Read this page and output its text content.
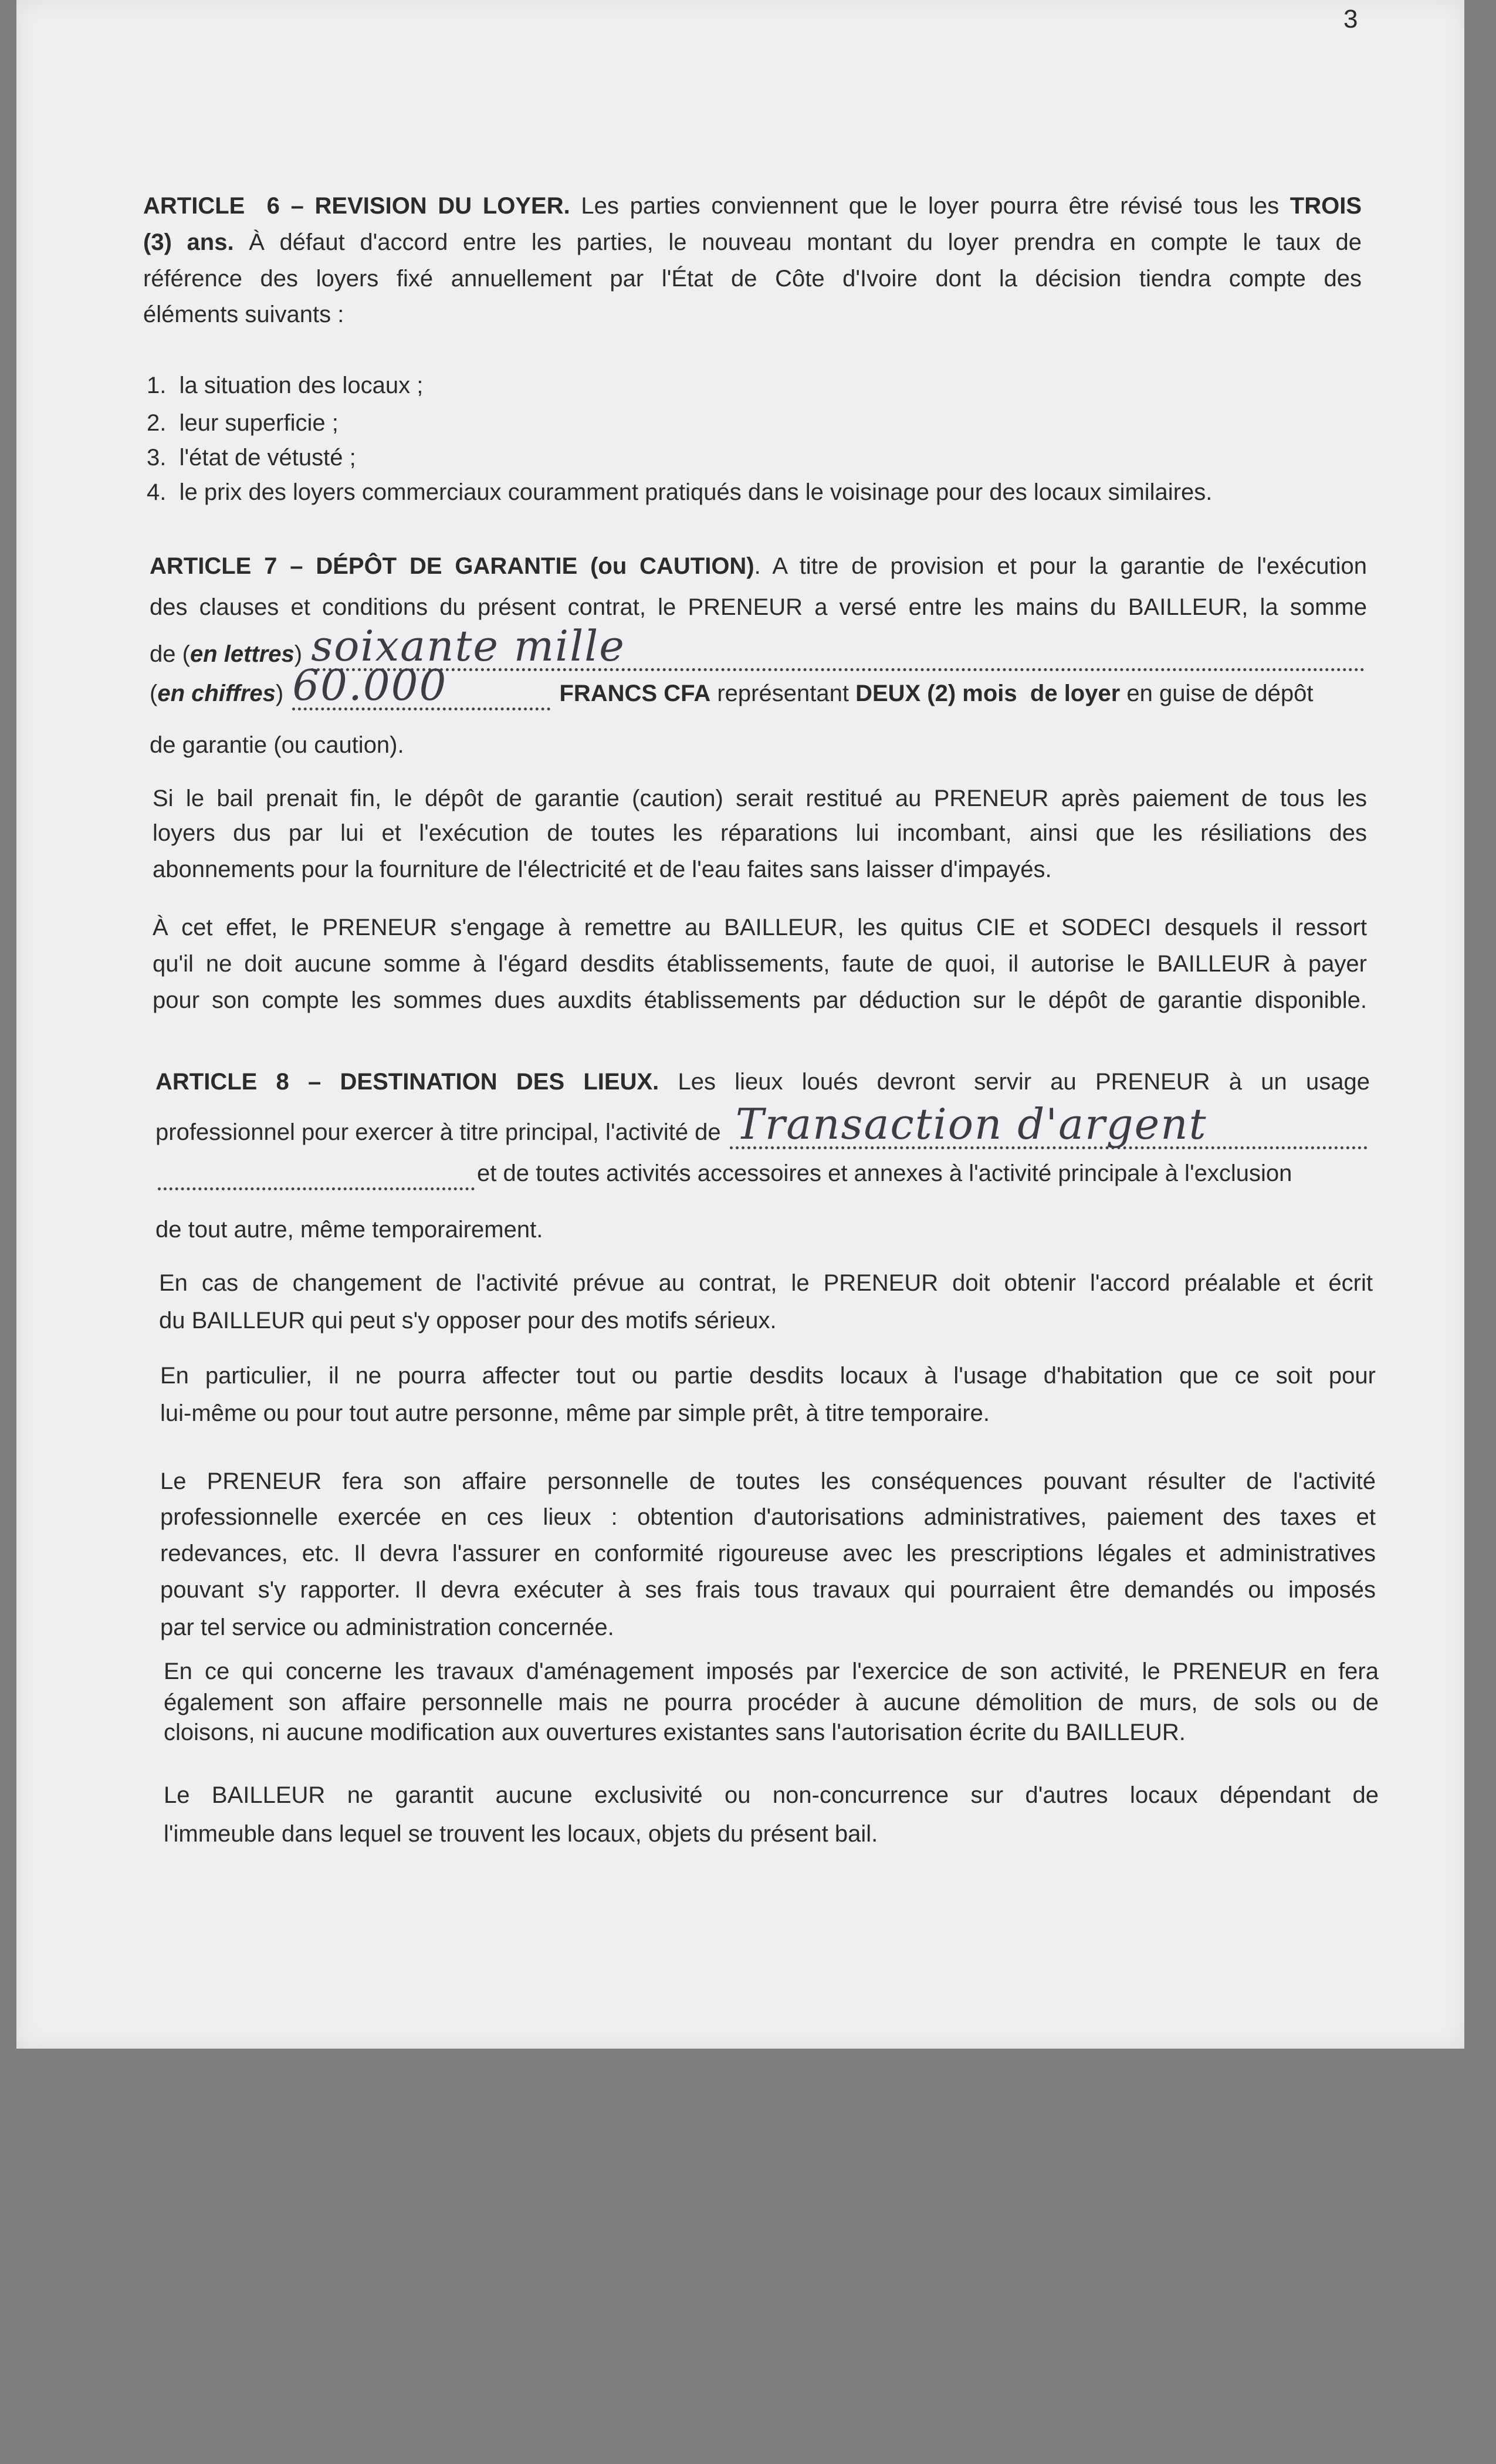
3
ARTICLE  6 – REVISION DU LOYER. Les parties conviennent que le loyer pourra être révisé tous les TROIS
(3) ans. À défaut d'accord entre les parties, le nouveau montant du loyer prendra en compte le taux de
référence des loyers fixé annuellement par l'État de Côte d'Ivoire dont la décision tiendra compte des
éléments suivants :
1.  la situation des locaux ;
2.  leur superficie ;
3.  l'état de vétusté ;
4.  le prix des loyers commerciaux couramment pratiqués dans le voisinage pour des locaux similaires.
ARTICLE 7 – DÉPÔT DE GARANTIE (ou CAUTION). A titre de provision et pour la garantie de l'exécution
des clauses et conditions du présent contrat, le PRENEUR a versé entre les mains du BAILLEUR, la somme
de ( en lettres ) soixante mille
( en chiffres ) 60.000
	FRANCS CFA représentant DEUX (2) mois  de loyer en guise de dépôt
de garantie (ou caution).
Si le bail prenait fin, le dépôt de garantie (caution) serait restitué au PRENEUR après paiement de tous les
loyers dus par lui et l'exécution de toutes les réparations lui incombant, ainsi que les résiliations des
abonnements pour la fourniture de l'électricité et de l'eau faites sans laisser d'impayés.
À cet effet, le PRENEUR s'engage à remettre au BAILLEUR, les quitus CIE et SODECI desquels il ressort
qu'il ne doit aucune somme à l'égard desdits établissements, faute de quoi, il autorise le BAILLEUR à payer
pour son compte les sommes dues auxdits établissements par déduction sur le dépôt de garantie disponible.
ARTICLE 8 – DESTINATION DES LIEUX. Les lieux loués devront servir au PRENEUR à un usage
professionnel pour exercer à titre principal, l'activité de Transaction d'argent
et de toutes activités accessoires et annexes à l'activité principale à l'exclusion
de tout autre, même temporairement.
En cas de changement de l'activité prévue au contrat, le PRENEUR doit obtenir l'accord préalable et écrit
du BAILLEUR qui peut s'y opposer pour des motifs sérieux.
En particulier, il ne pourra affecter tout ou partie desdits locaux à l'usage d'habitation que ce soit pour
lui-même ou pour tout autre personne, même par simple prêt, à titre temporaire.
Le PRENEUR fera son affaire personnelle de toutes les conséquences pouvant résulter de l'activité
professionnelle exercée en ces lieux : obtention d'autorisations administratives, paiement des taxes et
redevances, etc. Il devra l'assurer en conformité rigoureuse avec les prescriptions légales et administratives
pouvant s'y rapporter. Il devra exécuter à ses frais tous travaux qui pourraient être demandés ou imposés
par tel service ou administration concernée.
En ce qui concerne les travaux d'aménagement imposés par l'exercice de son activité, le PRENEUR en fera
également son affaire personnelle mais ne pourra procéder à aucune démolition de murs, de sols ou de
cloisons, ni aucune modification aux ouvertures existantes sans l'autorisation écrite du BAILLEUR.
Le BAILLEUR ne garantit aucune exclusivité ou non-concurrence sur d'autres locaux dépendant de
l'immeuble dans lequel se trouvent les locaux, objets du présent bail.
